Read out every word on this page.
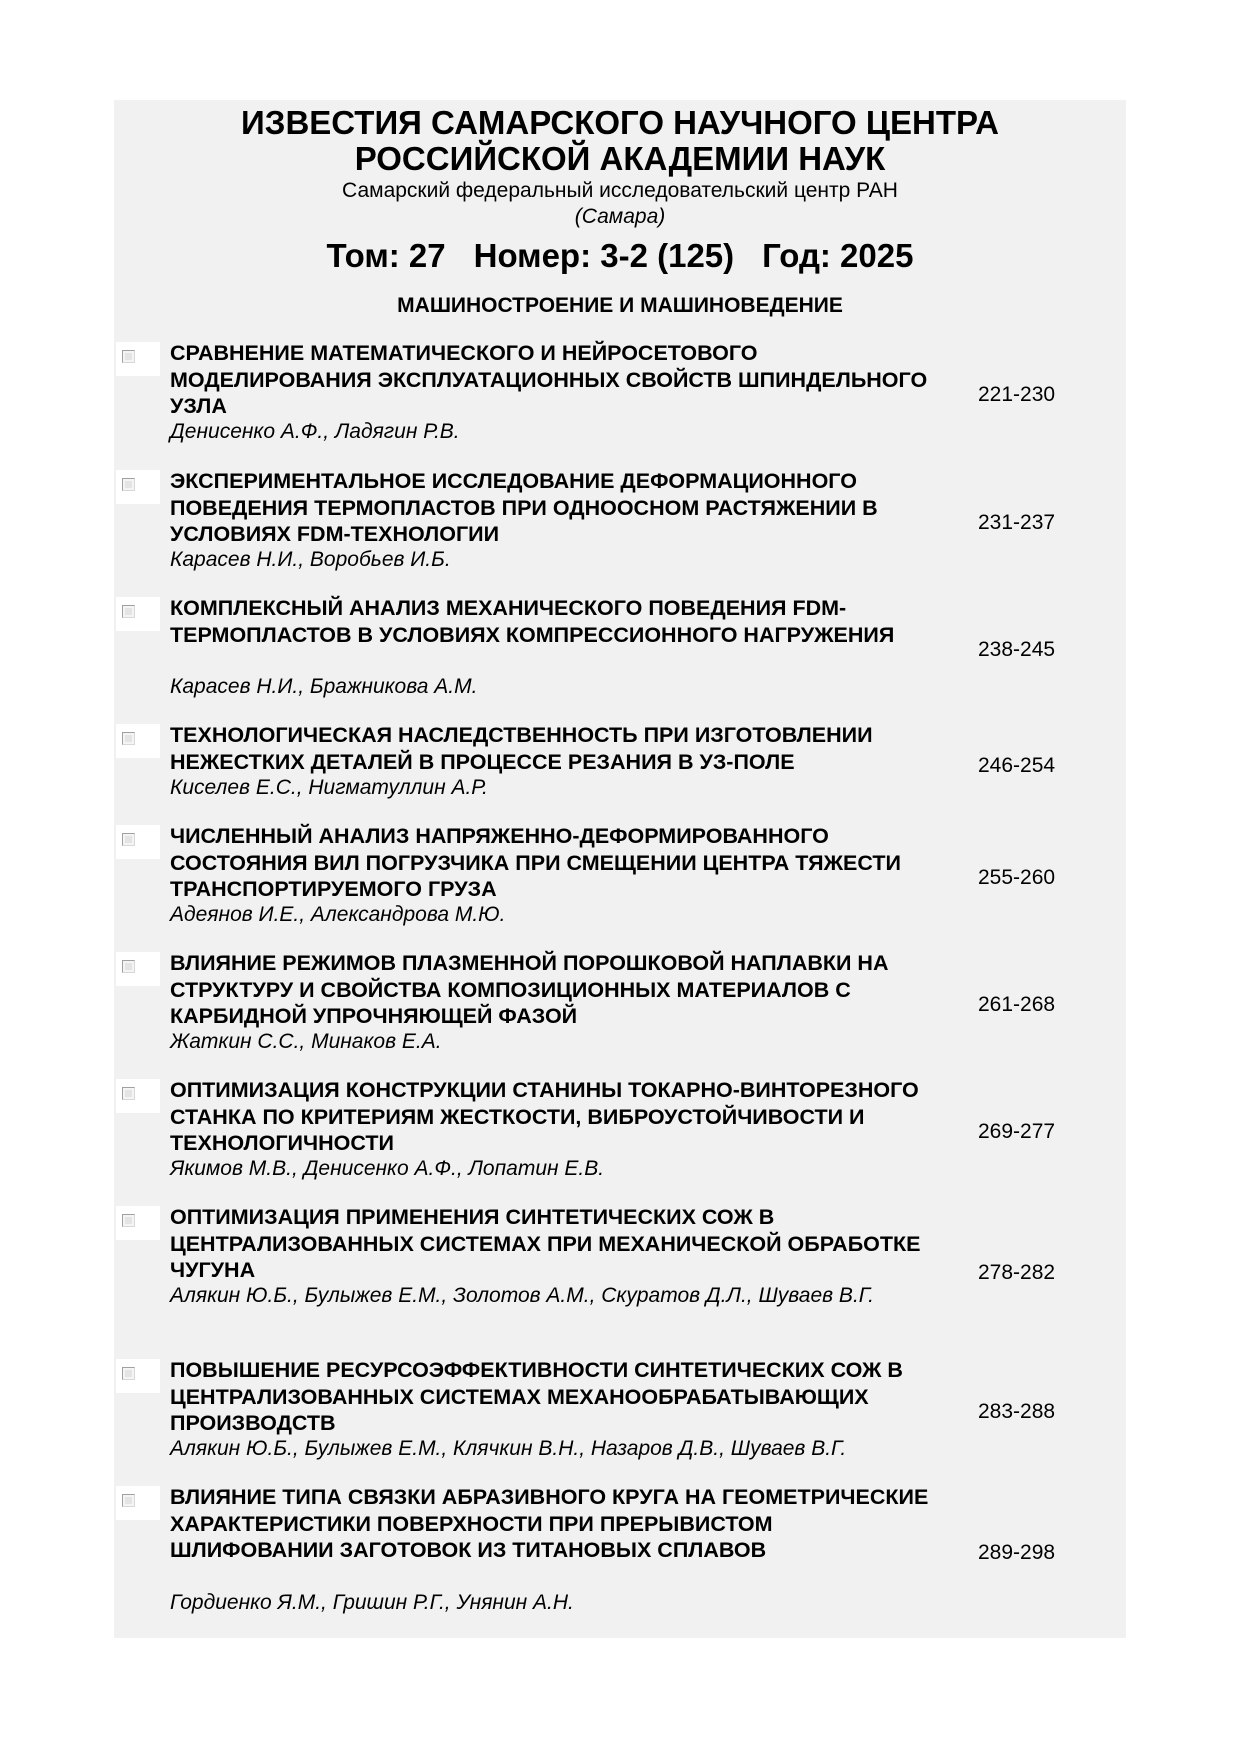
ИЗВЕСТИЯ САМАРСКОГО НАУЧНОГО ЦЕНТРА
РОССИЙСКОЙ АКАДЕМИИ НАУК
Самарский федеральный исследовательский центр РАН
(Самара)
Том: 27 Номер: 3-2 (125) Год: 2025
МАШИНОСТРОЕНИЕ И МАШИНОВЕДЕНИЕ
СРАВНЕНИЕ МАТЕМАТИЧЕСКОГО И НЕЙРОСЕТОВОГО МОДЕЛИРОВАНИЯ ЭКСПЛУАТАЦИОННЫХ СВОЙСТВ ШПИНДЕЛЬНОГО УЗЛА
Денисенко А.Ф., Ладягин Р.В.
221-230
ЭКСПЕРИМЕНТАЛЬНОЕ ИССЛЕДОВАНИЕ ДЕФОРМАЦИОННОГО ПОВЕДЕНИЯ ТЕРМОПЛАСТОВ ПРИ ОДНООСНОМ РАСТЯЖЕНИИ В УСЛОВИЯХ FDM-ТЕХНОЛОГИИ
Карасев Н.И., Воробьев И.Б.
231-237
КОМПЛЕКСНЫЙ АНАЛИЗ МЕХАНИЧЕСКОГО ПОВЕДЕНИЯ FDM-ТЕРМОПЛАСТОВ В УСЛОВИЯХ КОМПРЕССИОННОГО НАГРУЖЕНИЯ
Карасев Н.И., Бражникова А.М.
238-245
ТЕХНОЛОГИЧЕСКАЯ НАСЛЕДСТВЕННОСТЬ ПРИ ИЗГОТОВЛЕНИИ НЕЖЕСТКИХ ДЕТАЛЕЙ В ПРОЦЕССЕ РЕЗАНИЯ В УЗ-ПОЛЕ
Киселев Е.С., Нигматуллин А.Р.
246-254
ЧИСЛЕННЫЙ АНАЛИЗ НАПРЯЖЕННО-ДЕФОРМИРОВАННОГО СОСТОЯНИЯ ВИЛ ПОГРУЗЧИКА ПРИ СМЕЩЕНИИ ЦЕНТРА ТЯЖЕСТИ ТРАНСПОРТИРУЕМОГО ГРУЗА
Адеянов И.Е., Александрова М.Ю.
255-260
ВЛИЯНИЕ РЕЖИМОВ ПЛАЗМЕННОЙ ПОРОШКОВОЙ НАПЛАВКИ НА СТРУКТУРУ И СВОЙСТВА КОМПОЗИЦИОННЫХ МАТЕРИАЛОВ С КАРБИДНОЙ УПРОЧНЯЮЩЕЙ ФАЗОЙ
Жаткин С.С., Минаков Е.А.
261-268
ОПТИМИЗАЦИЯ КОНСТРУКЦИИ СТАНИНЫ ТОКАРНО-ВИНТОРЕЗНОГО СТАНКА ПО КРИТЕРИЯМ ЖЕСТКОСТИ, ВИБРОУСТОЙЧИВОСТИ И ТЕХНОЛОГИЧНОСТИ
Якимов М.В., Денисенко А.Ф., Лопатин Е.В.
269-277
ОПТИМИЗАЦИЯ ПРИМЕНЕНИЯ СИНТЕТИЧЕСКИХ СОЖ В ЦЕНТРАЛИЗОВАННЫХ СИСТЕМАХ ПРИ МЕХАНИЧЕСКОЙ ОБРАБОТКЕ ЧУГУНА
Алякин Ю.Б., Булыжев Е.М., Золотов А.М., Скуратов Д.Л., Шуваев В.Г.
278-282
ПОВЫШЕНИЕ РЕСУРСОЭФФЕКТИВНОСТИ СИНТЕТИЧЕСКИХ СОЖ В ЦЕНТРАЛИЗОВАННЫХ СИСТЕМАХ МЕХАНООБРАБАТЫВАЮЩИХ ПРОИЗВОДСТВ
Алякин Ю.Б., Булыжев Е.М., Клячкин В.Н., Назаров Д.В., Шуваев В.Г.
283-288
ВЛИЯНИЕ ТИПА СВЯЗКИ АБРАЗИВНОГО КРУГА НА ГЕОМЕТРИЧЕСКИЕ ХАРАКТЕРИСТИКИ ПОВЕРХНОСТИ ПРИ ПРЕРЫВИСТОМ ШЛИФОВАНИИ ЗАГОТОВОК ИЗ ТИТАНОВЫХ СПЛАВОВ
Гордиенко Я.М., Гришин Р.Г., Унянин А.Н.
289-298
